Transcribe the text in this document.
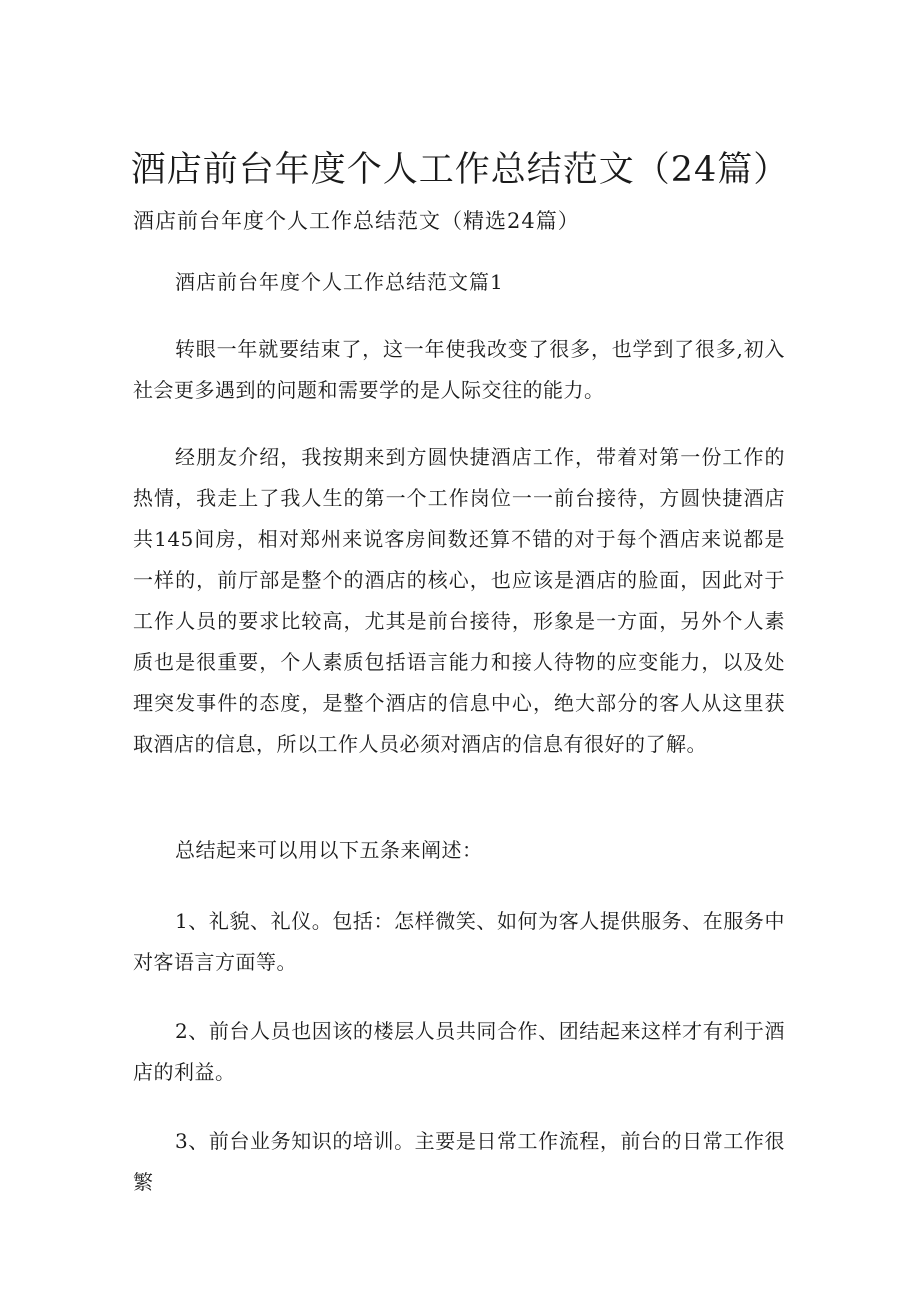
酒店前台年度个人工作总结范文（24篇）
酒店前台年度个人工作总结范文（精选24篇）
酒店前台年度个人工作总结范文篇1

转眼一年就要结束了，这一年使我改变了很多，也学到了很多,初入社会更多遇到的问题和需要学的是人际交往的能力。

经朋友介绍，我按期来到方圆快捷酒店工作，带着对第一份工作的热情，我走上了我人生的第一个工作岗位一一前台接待，方圆快捷酒店共145间房，相对郑州来说客房间数还算不错的对于每个酒店来说都是一样的，前厅部是整个的酒店的核心，也应该是酒店的脸面，因此对于工作人员的要求比较高，尤其是前台接待，形象是一方面，另外个人素质也是很重要，个人素质包括语言能力和接人待物的应变能力，以及处理突发事件的态度，是整个酒店的信息中心，绝大部分的客人从这里获取酒店的信息，所以工作人员必须对酒店的信息有很好的了解。

总结起来可以用以下五条来阐述：

1、礼貌、礼仪。包括：怎样微笑、如何为客人提供服务、在服务中对客语言方面等。

2、前台人员也因该的楼层人员共同合作、团结起来这样才有利于酒店的利益。

3、前台业务知识的培训。主要是日常工作流程，前台的日常工作很繁
